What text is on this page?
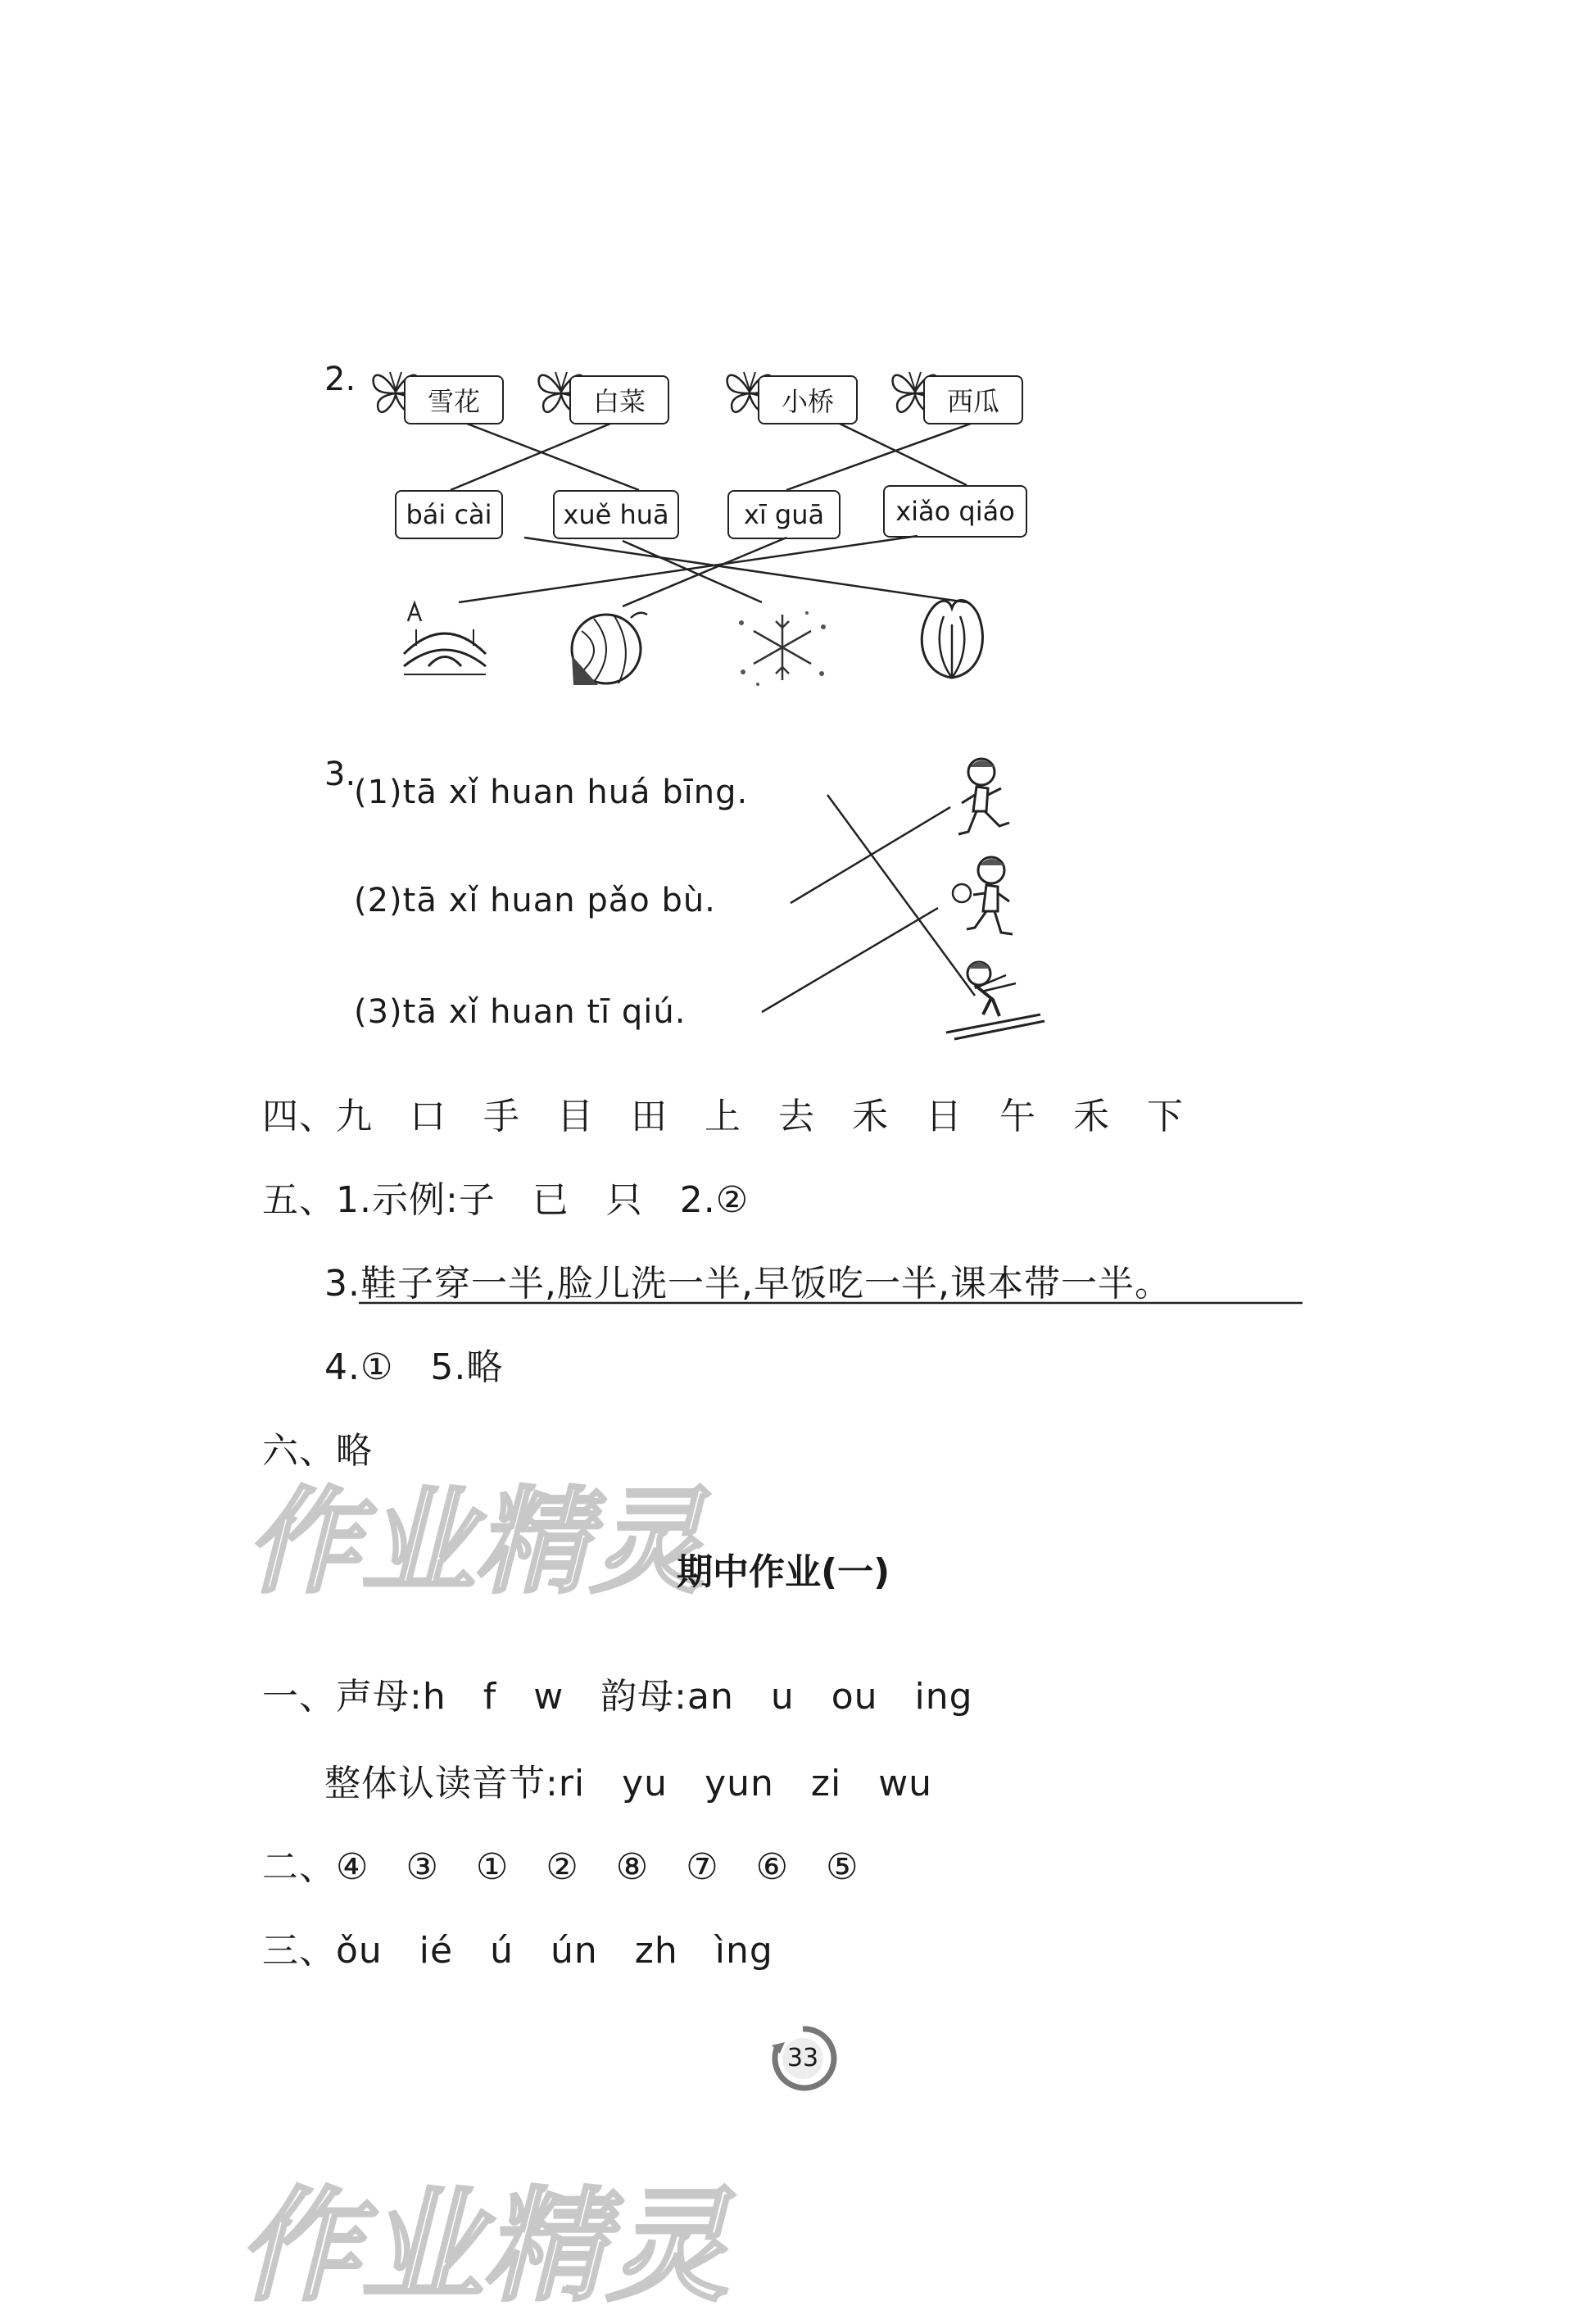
2.
雪花	白菜	小桥	西瓜
bái cài	xuě huā	xī guā	xiǎo qiáo
3.
(1)tā xǐ huan huá bīng.
(2)tā xǐ huan pǎo bù.
(3)tā xǐ huan tī qiú.
四、九　口　手　目　田　上　去　禾　日　午　禾　下
五、1.示例:子　已　只　2.②
3.鞋子穿一半,脸儿洗一半,早饭吃一半,课本带一半。
4.①　5.略
六、略
作业精灵
期中作业(一)
一、声母:h　f　w　韵母:an　u　ou　ing
整体认读音节:ri　yu　yun　zi　wu
二、④　③　①　②　⑧　⑦　⑥　⑤
三、ǒu　ié　ú　ún　zh　ìng
33
作业精灵
